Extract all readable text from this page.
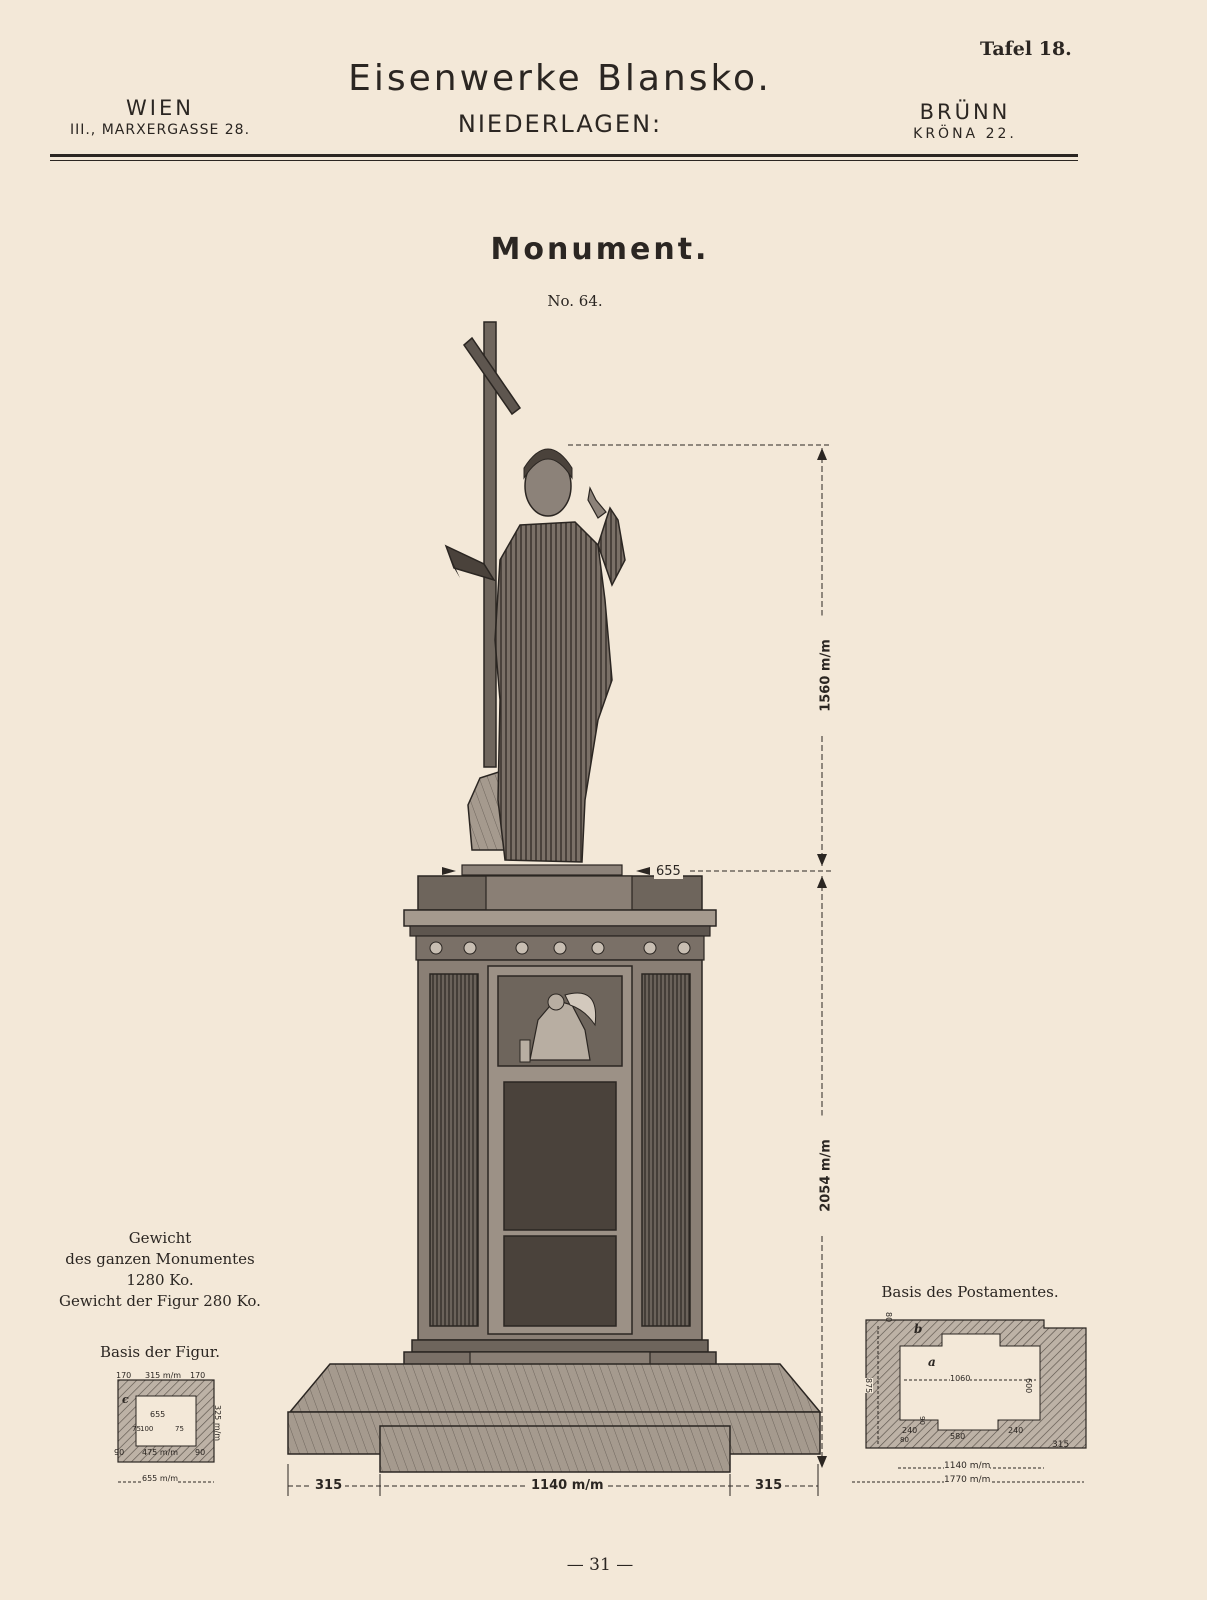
Tafel 18.
Eisenwerke Blansko.
NIEDERLAGEN:
WIEN
III., MARXERGASSE 28.
BRÜNN
KRÖNA 22.
Monument.
No. 64.
1560 m/m
2054 m/m
655
315	1140 m/m	315
Gewicht
des ganzen Monumentes
1280 Ko.
Gewicht der Figur 280 Ko.
Basis der Figur.
170 315 m/m 170
c
655	325 m/m
75	75
100
90 475 m/m 90
655 m/m
Basis des Postamentes.
80
b
a
1060	600
875
240
90
80	580
240
1140 m/m
315
1770 m/m
— 31 —
